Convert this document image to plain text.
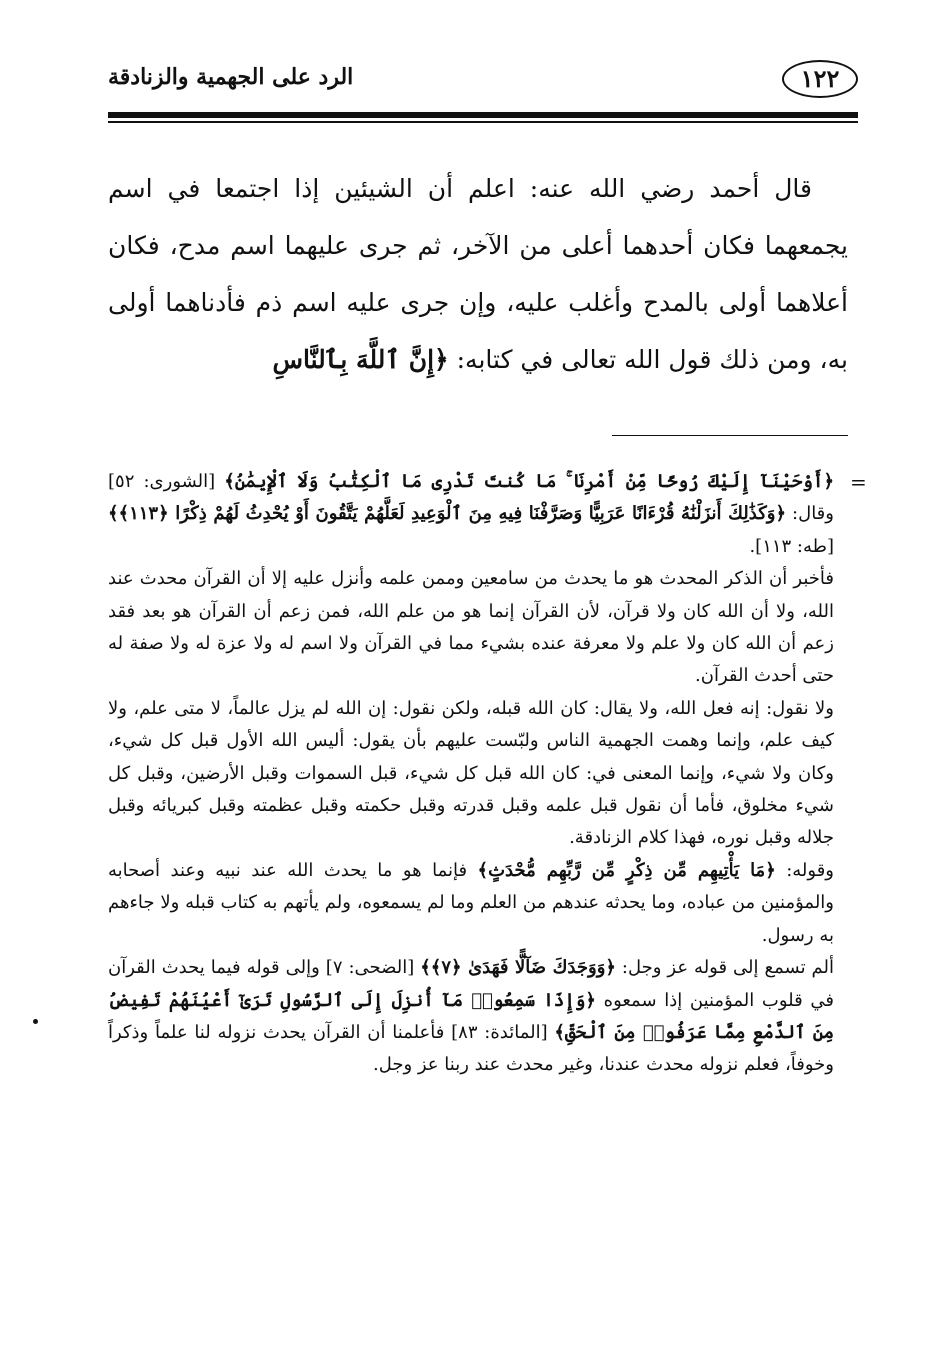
١٢٢
الرد على الجهمية والزنادقة

قال أحمد رضي الله عنه: اعلم أن الشيئين إذا اجتمعا في اسم يجمعهما فكان أحدهما أعلى من الآخر، ثم جرى عليهما اسم مدح، فكان أعلاهما أولى بالمدح وأغلب عليه، وإن جرى عليه اسم ذم فأدناهما أولى به، ومن ذلك قول الله تعالى في كتابه: ﴿إِنَّ ٱللَّهَ بِٱلنَّاسِ

=

﴿أَوْحَيْنَآ إِلَيْكَ رُوحًا مِّنْ أَمْرِنَا ۚ مَا كُنتَ تَدْرِى مَا ٱلْكِتَٰبُ وَلَا ٱلْإِيمَٰنُ﴾ [الشورى: ٥٢] وقال: ﴿وَكَذَٰلِكَ أَنزَلْنَٰهُ قُرْءَانًا عَرَبِيًّا وَصَرَّفْنَا فِيهِ مِنَ ٱلْوَعِيدِ لَعَلَّهُمْ يَتَّقُونَ أَوْ يُحْدِثُ لَهُمْ ذِكْرًا ﴿١١٣﴾﴾ [طه: ١١٣].

فأخبر أن الذكر المحدث هو ما يحدث من سامعين وممن علمه وأنزل عليه إلا أن القرآن محدث عند الله، ولا أن الله كان ولا قرآن، لأن القرآن إنما هو من علم الله، فمن زعم أن القرآن هو بعد فقد زعم أن الله كان ولا علم ولا معرفة عنده بشيء مما في القرآن ولا اسم له ولا عزة له ولا صفة له حتى أحدث القرآن.

ولا نقول: إنه فعل الله، ولا يقال: كان الله قبله، ولكن نقول: إن الله لم يزل عالماً، لا متى علم، ولا كيف علم، وإنما وهمت الجهمية الناس ولبّست عليهم بأن يقول: أليس الله الأول قبل كل شيء، وكان ولا شيء، وإنما المعنى في: كان الله قبل كل شيء، قبل السموات وقبل الأرضين، وقبل كل شيء مخلوق، فأما أن نقول قبل علمه وقبل قدرته وقبل حكمته وقبل عظمته وقبل كبريائه وقبل جلاله وقبل نوره، فهذا كلام الزنادقة.

وقوله: ﴿مَا يَأْتِيهِم مِّن ذِكْرٍ مِّن رَّبِّهِم مُّحْدَثٍ﴾ فإنما هو ما يحدث الله عند نبيه وعند أصحابه والمؤمنين من عباده، وما يحدثه عندهم من العلم وما لم يسمعوه، ولم يأتهم به كتاب قبله ولا جاءهم به رسول.

ألم تسمع إلى قوله عز وجل: ﴿وَوَجَدَكَ ضَآلًّا فَهَدَىٰ ﴿٧﴾﴾ [الضحى: ٧] وإلى قوله فيما يحدث القرآن في قلوب المؤمنين إذا سمعوه ﴿وَإِذَا سَمِعُوا۟ مَآ أُنزِلَ إِلَى ٱلرَّسُولِ تَرَىٰٓ أَعْيُنَهُمْ تَفِيضُ مِنَ ٱلدَّمْعِ مِمَّا عَرَفُوا۟ مِنَ ٱلْحَقِّ﴾ [المائدة: ٨٣] فأعلمنا أن القرآن يحدث نزوله لنا علماً وذكراً وخوفاً، فعلم نزوله محدث عندنا، وغير محدث عند ربنا عز وجل.
